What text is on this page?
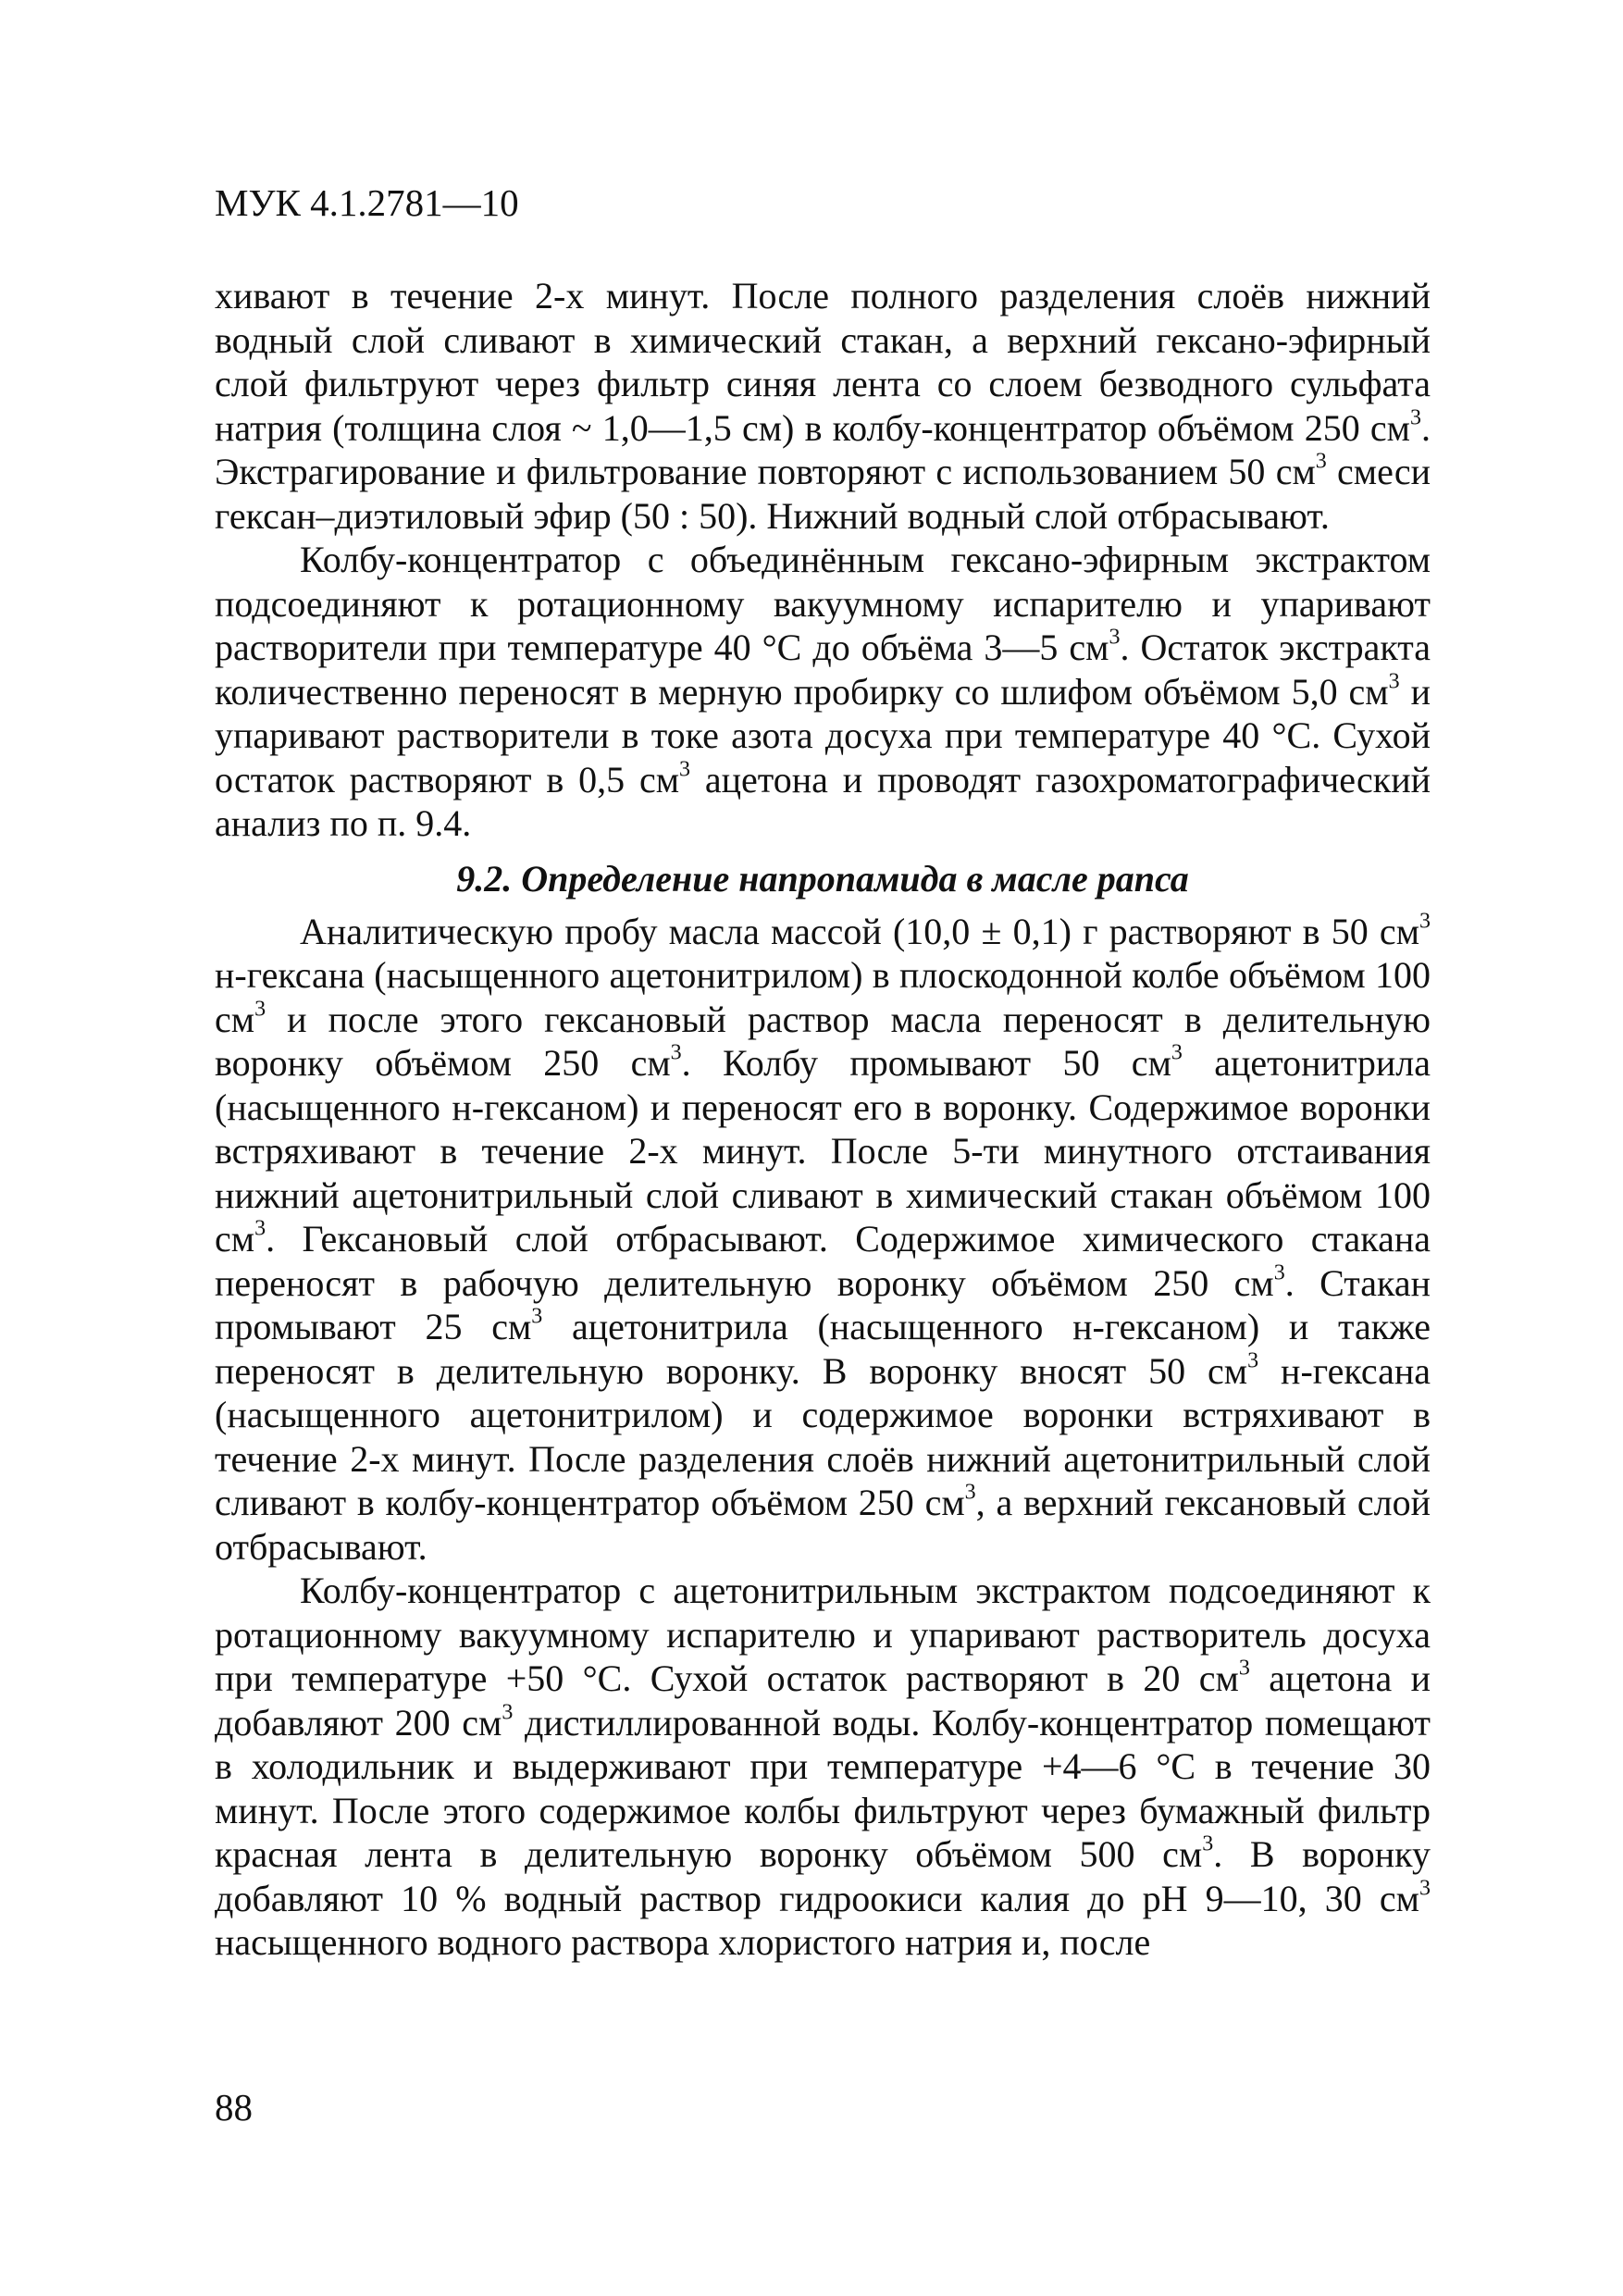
МУК 4.1.2781—10

хивают в течение 2-х минут. После полного разделения слоёв нижний водный слой сливают в химический стакан, а верхний гексано-эфирный слой фильтруют через фильтр синяя лента со слоем безводного сульфата натрия (толщина слоя ~ 1,0—1,5 см) в колбу-концентратор объёмом 250 $см^3$. Экстрагирование и фильтрование повторяют с использованием 50 $см^3$ смеси гексан–диэтиловый эфир (50 : 50). Нижний водный слой отбрасывают.

Колбу-концентратор с объединённым гексано-эфирным экстрактом подсоединяют к ротационному вакуумному испарителю и упаривают растворители при температуре 40 °С до объёма 3—5 $см^3$. Остаток экстракта количественно переносят в мерную пробирку со шлифом объёмом 5,0 $см^3$ и упаривают растворители в токе азота досуха при температуре 40 °С. Сухой остаток растворяют в 0,5 $см^3$ ацетона и проводят газохроматографический анализ по п. 9.4.

9.2. Определение напропамида в масле рапса

Аналитическую пробу масла массой (10,0 ± 0,1) г растворяют в 50 $см^3$ н-гексана (насыщенного ацетонитрилом) в плоскодонной колбе объёмом 100 $см^3$ и после этого гексановый раствор масла переносят в делительную воронку объёмом 250 $см^3$. Колбу промывают 50 $см^3$ ацетонитрила (насыщенного н-гексаном) и переносят его в воронку. Содержимое воронки встряхивают в течение 2-х минут. После 5-ти минутного отстаивания нижний ацетонитрильный слой сливают в химический стакан объёмом 100 $см^3$. Гексановый слой отбрасывают. Содержимое химического стакана переносят в рабочую делительную воронку объёмом 250 $см^3$. Стакан промывают 25 $см^3$ ацетонитрила (насыщенного н-гексаном) и также переносят в делительную воронку. В воронку вносят 50 $см^3$ н-гексана (насыщенного ацетонитрилом) и содержимое воронки встряхивают в течение 2-х минут. После разделения слоёв нижний ацетонитрильный слой сливают в колбу-концентратор объёмом 250 $см^3$, а верхний гексановый слой отбрасывают.

Колбу-концентратор с ацетонитрильным экстрактом подсоединяют к ротационному вакуумному испарителю и упаривают растворитель досуха при температуре +50 °С. Сухой остаток растворяют в 20 $см^3$ ацетона и добавляют 200 $см^3$ дистиллированной воды. Колбу-концентратор помещают в холодильник и выдерживают при температуре +4—6 °С в течение 30 минут. После этого содержимое колбы фильтруют через бумажный фильтр красная лента в делительную воронку объёмом 500 $см^3$. В воронку добавляют 10 % водный раствор гидроокиси калия до pH 9—10, 30 $см^3$ насыщенного водного раствора хлористого натрия и, после

88
